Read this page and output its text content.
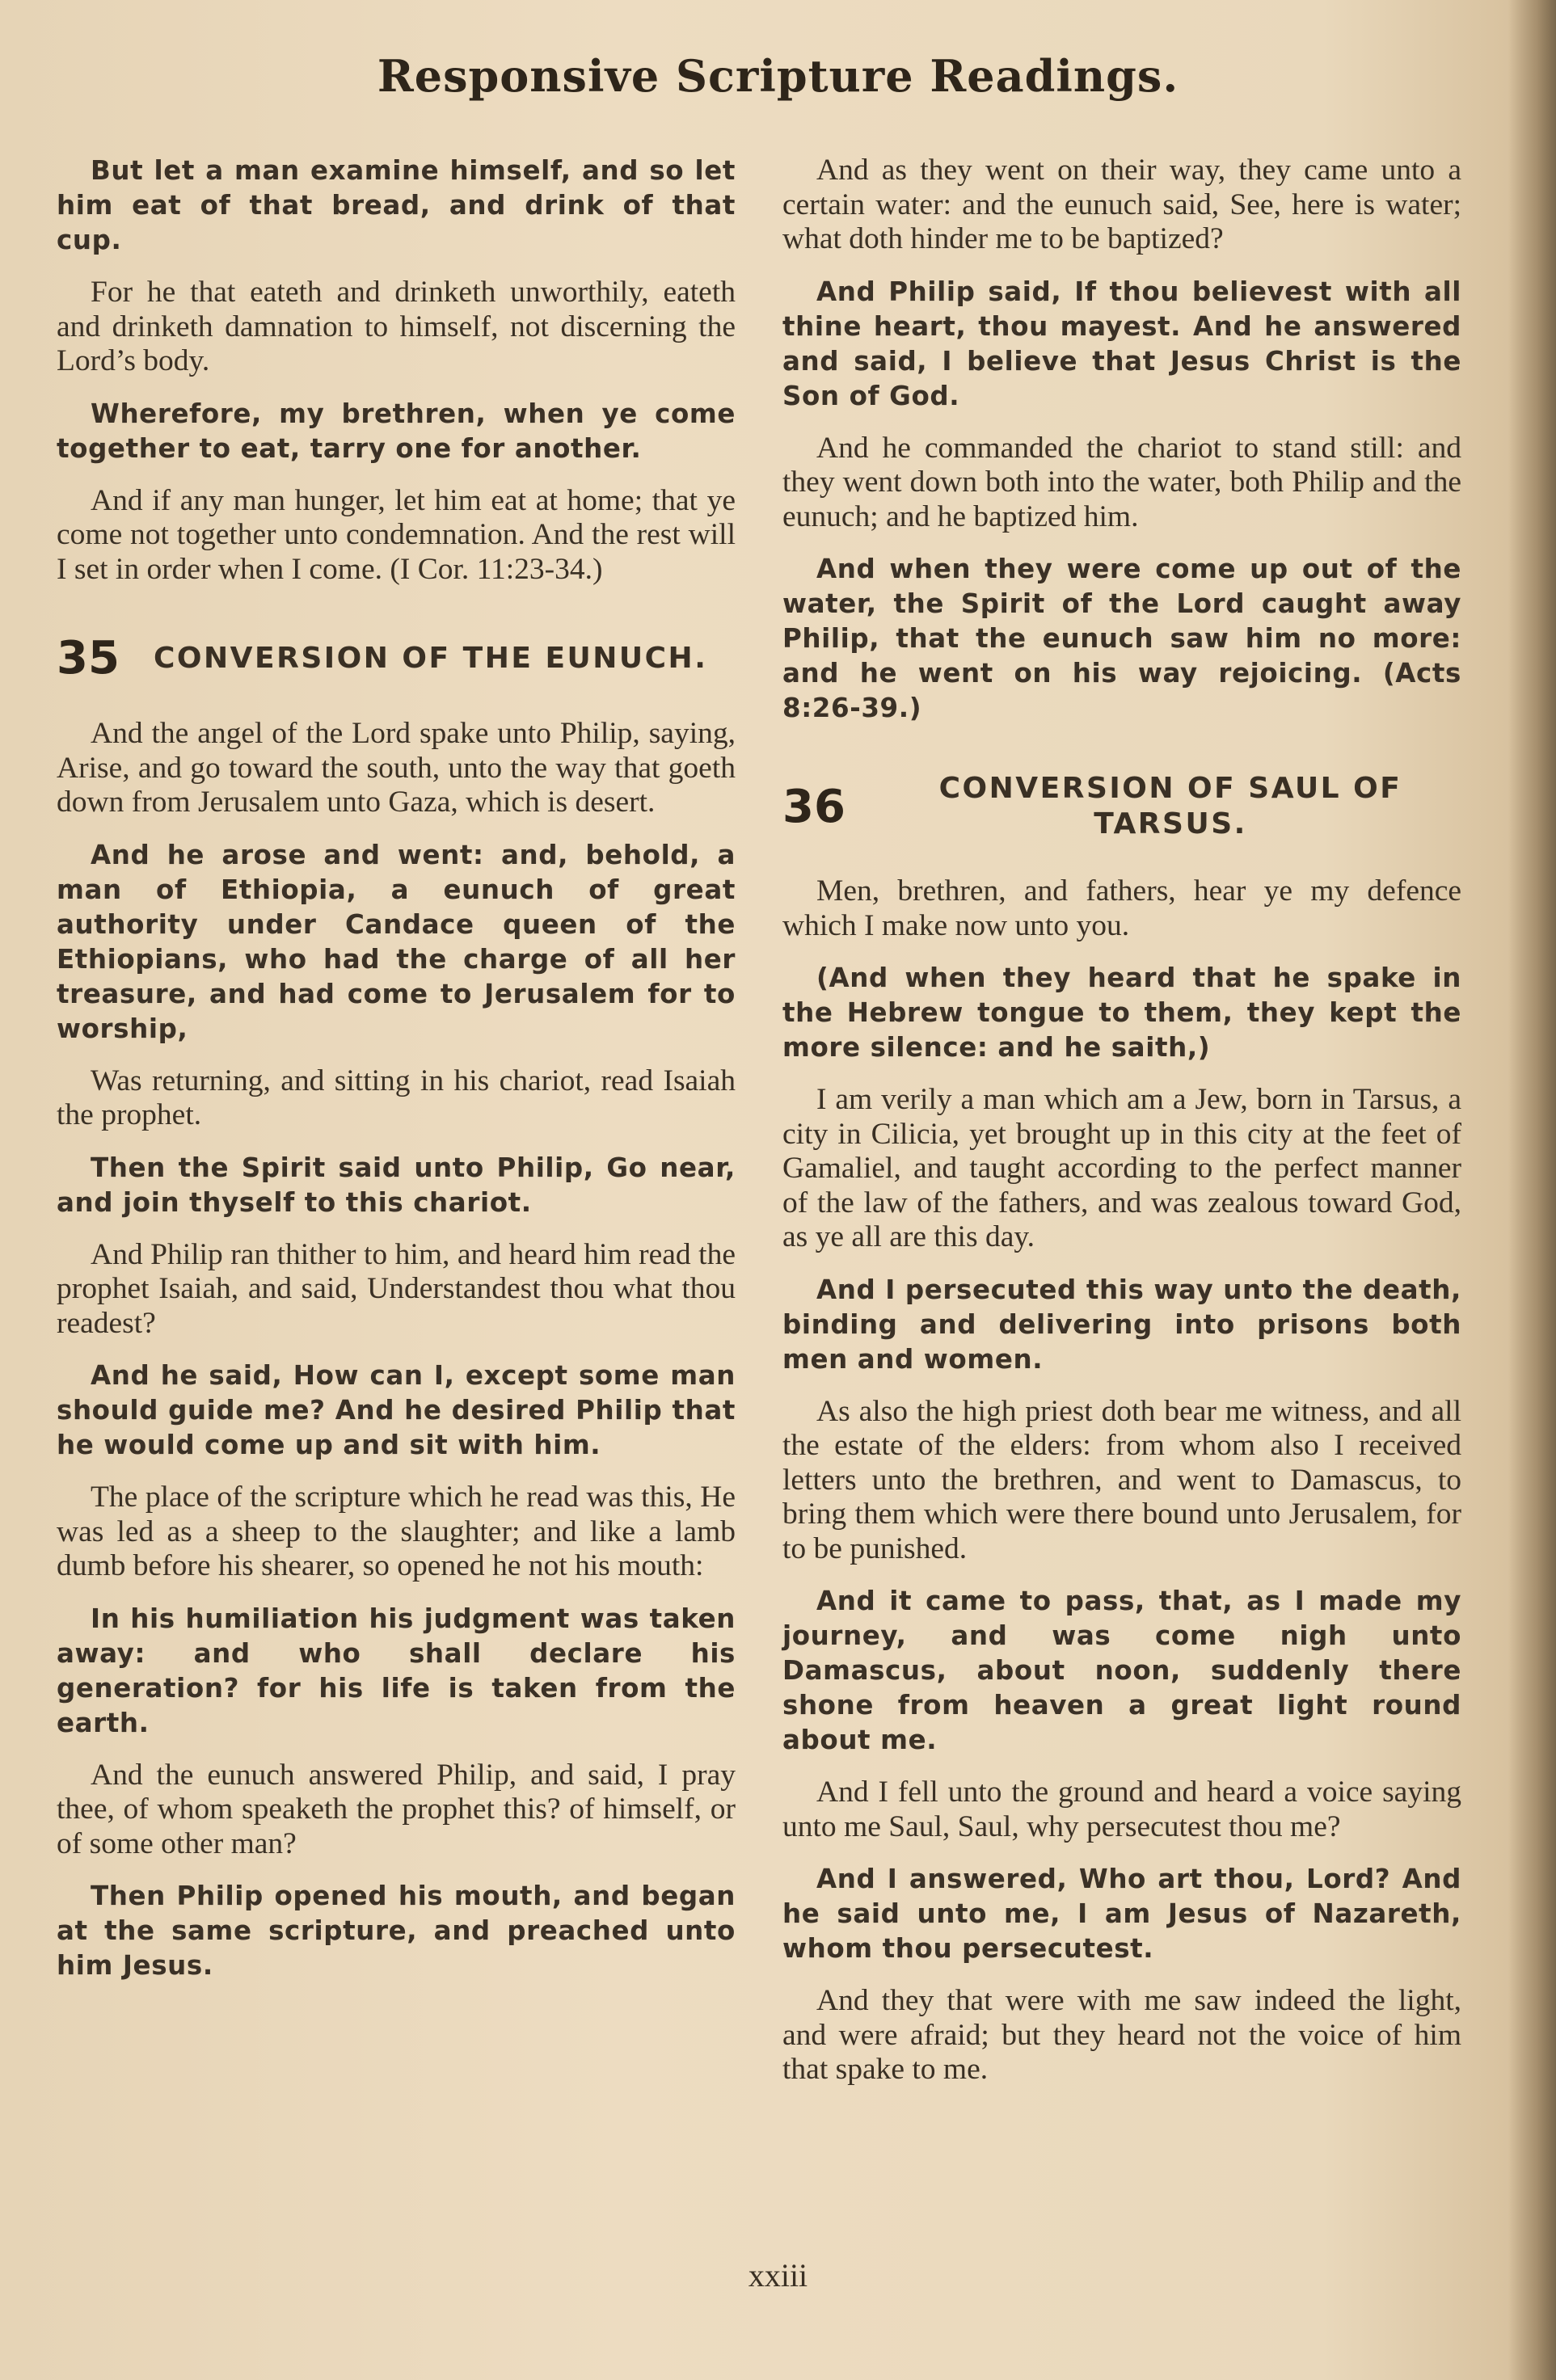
Responsive Scripture Readings.
But let a man examine himself, and so let him eat of that bread, and drink of that cup.
For he that eateth and drinketh unworthily, eateth and drinketh damnation to himself, not discerning the Lord’s body.
Wherefore, my brethren, when ye come together to eat, tarry one for another.
And if any man hunger, let him eat at home; that ye come not together unto condemnation. And the rest will I set in order when I come. (I Cor. 11:23-34.)
35	CONVERSION OF THE EUNUCH.
And the angel of the Lord spake unto Philip, saying, Arise, and go toward the south, unto the way that goeth down from Jerusalem unto Gaza, which is desert.
And he arose and went: and, behold, a man of Ethiopia, a eunuch of great authority under Candace queen of the Ethiopians, who had the charge of all her treasure, and had come to Jerusalem for to worship,
Was returning, and sitting in his chariot, read Isaiah the prophet.
Then the Spirit said unto Philip, Go near, and join thyself to this chariot.
And Philip ran thither to him, and heard him read the prophet Isaiah, and said, Understandest thou what thou readest?
And he said, How can I, except some man should guide me? And he desired Philip that he would come up and sit with him.
The place of the scripture which he read was this, He was led as a sheep to the slaughter; and like a lamb dumb before his shearer, so opened he not his mouth:
In his humiliation his judgment was taken away: and who shall declare his generation? for his life is taken from the earth.
And the eunuch answered Philip, and said, I pray thee, of whom speaketh the prophet this? of himself, or of some other man?
Then Philip opened his mouth, and began at the same scripture, and preached unto him Jesus.
And as they went on their way, they came unto a certain water: and the eunuch said, See, here is water; what doth hinder me to be baptized?
And Philip said, If thou believest with all thine heart, thou mayest. And he answered and said, I believe that Jesus Christ is the Son of God.
And he commanded the chariot to stand still: and they went down both into the water, both Philip and the eunuch; and he baptized him.
And when they were come up out of the water, the Spirit of the Lord caught away Philip, that the eunuch saw him no more: and he went on his way rejoicing. (Acts 8:26-39.)
36	CONVERSION OF SAUL OF TARSUS.
Men, brethren, and fathers, hear ye my defence which I make now unto you.
(And when they heard that he spake in the Hebrew tongue to them, they kept the more silence: and he saith,)
I am verily a man which am a Jew, born in Tarsus, a city in Cilicia, yet brought up in this city at the feet of Gamaliel, and taught according to the perfect manner of the law of the fathers, and was zealous toward God, as ye all are this day.
And I persecuted this way unto the death, binding and delivering into prisons both men and women.
As also the high priest doth bear me witness, and all the estate of the elders: from whom also I received letters unto the brethren, and went to Damascus, to bring them which were there bound unto Jerusalem, for to be punished.
And it came to pass, that, as I made my journey, and was come nigh unto Damascus, about noon, suddenly there shone from heaven a great light round about me.
And I fell unto the ground and heard a voice saying unto me Saul, Saul, why persecutest thou me?
And I answered, Who art thou, Lord? And he said unto me, I am Jesus of Nazareth, whom thou persecutest.
And they that were with me saw indeed the light, and were afraid; but they heard not the voice of him that spake to me.
xxiii
